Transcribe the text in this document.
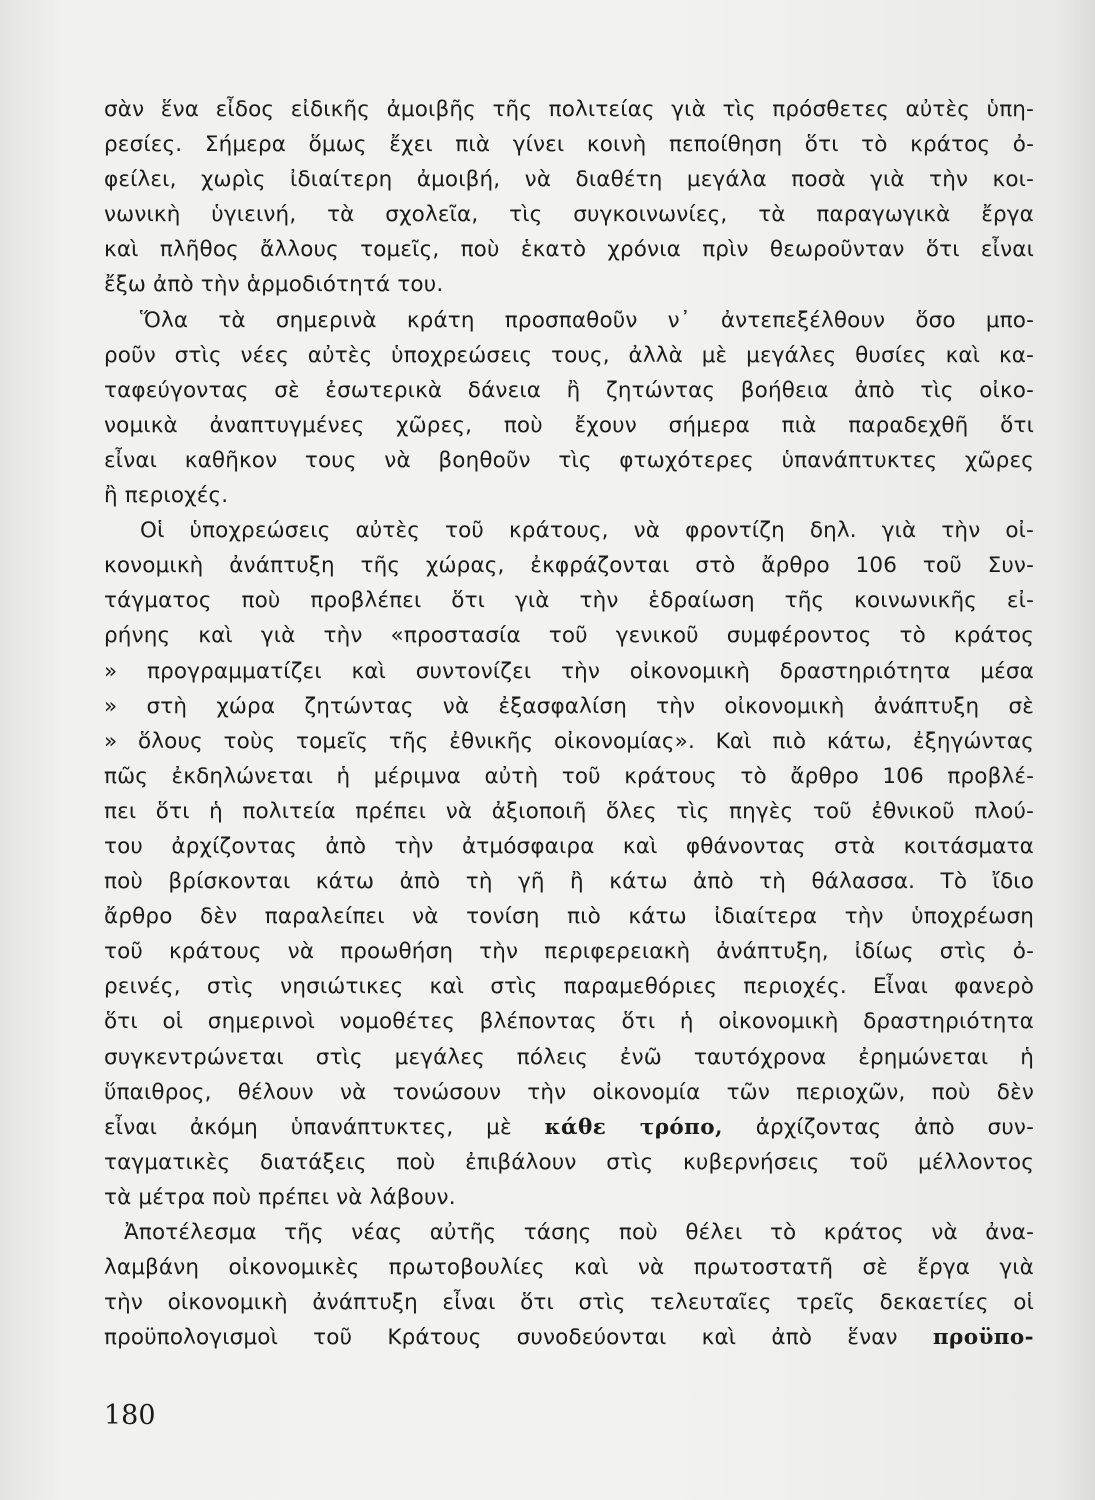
σὰν ἕνα εἶδος εἰδικῆς ἀμοιβῆς τῆς πολιτείας γιὰ τὶς πρόσθετες αὐτὲς ὑπη-
ρεσίες. Σήμερα ὅμως ἔχει πιὰ γίνει κοινὴ πεποίθηση ὅτι τὸ κράτος ὀ-
φείλει, χωρὶς ἰδιαίτερη ἀμοιβή, νὰ διαθέτη μεγάλα ποσὰ γιὰ τὴν κοι-
νωνικὴ ὑγιεινή, τὰ σχολεῖα, τὶς συγκοινωνίες, τὰ παραγωγικὰ ἔργα
καὶ πλῆθος ἄλλους τομεῖς, ποὺ ἑκατὸ χρόνια πρὶν θεωροῦνταν ὅτι εἶναι
ἔξω ἀπὸ τὴν ἁρμοδιότητά του.
Ὅλα τὰ σημερινὰ κράτη προσπαθοῦν ν᾽ ἀντεπεξέλθουν ὅσο μπο-
ροῦν στὶς νέες αὐτὲς ὑποχρεώσεις τους, ἀλλὰ μὲ μεγάλες θυσίες καὶ κα-
ταφεύγοντας σὲ ἐσωτερικὰ δάνεια ἢ ζητώντας βοήθεια ἀπὸ τὶς οἰκο-
νομικὰ ἀναπτυγμένες χῶρες, ποὺ ἔχουν σήμερα πιὰ παραδεχθῆ ὅτι
εἶναι καθῆκον τους νὰ βοηθοῦν τὶς φτωχότερες ὑπανάπτυκτες χῶρες
ἢ περιοχές.
Οἱ ὑποχρεώσεις αὐτὲς τοῦ κράτους, νὰ φροντίζη δηλ. γιὰ τὴν οἰ-
κονομικὴ ἀνάπτυξη τῆς χώρας, ἐκφράζονται στὸ ἄρθρο 106 τοῦ Συν-
τάγματος ποὺ προβλέπει ὅτι γιὰ τὴν ἑδραίωση τῆς κοινωνικῆς εἰ-
ρήνης καὶ γιὰ τὴν «προστασία τοῦ γενικοῦ συμφέροντος τὸ κράτος
» προγραμματίζει καὶ συντονίζει τὴν οἰκονομικὴ δραστηριότητα μέσα
» στὴ χώρα ζητώντας νὰ ἐξασφαλίση τὴν οἰκονομικὴ ἀνάπτυξη σὲ
» ὅλους τοὺς τομεῖς τῆς ἐθνικῆς οἰκονομίας». Καὶ πιὸ κάτω, ἐξηγώντας
πῶς ἐκδηλώνεται ἡ μέριμνα αὐτὴ τοῦ κράτους τὸ ἄρθρο 106 προβλέ-
πει ὅτι ἡ πολιτεία πρέπει νὰ ἀξιοποιῆ ὅλες τὶς πηγὲς τοῦ ἐθνικοῦ πλού-
του ἀρχίζοντας ἀπὸ τὴν ἀτμόσφαιρα καὶ φθάνοντας στὰ κοιτάσματα
ποὺ βρίσκονται κάτω ἀπὸ τὴ γῆ ἢ κάτω ἀπὸ τὴ θάλασσα. Τὸ ἴδιο
ἄρθρο δὲν παραλείπει νὰ τονίση πιὸ κάτω ἰδιαίτερα τὴν ὑποχρέωση
τοῦ κράτους νὰ προωθήση τὴν περιφερειακὴ ἀνάπτυξη, ἰδίως στὶς ὀ-
ρεινές, στὶς νησιώτικες καὶ στὶς παραμεθόριες περιοχές. Εἶναι φανερὸ
ὅτι οἱ σημερινοὶ νομοθέτες βλέποντας ὅτι ἡ οἰκονομικὴ δραστηριότητα
συγκεντρώνεται στὶς μεγάλες πόλεις ἐνῶ ταυτόχρονα ἐρημώνεται ἡ
ὕπαιθρος, θέλουν νὰ τονώσουν τὴν οἰκονομία τῶν περιοχῶν, ποὺ δὲν
εἶναι ἀκόμη ὑπανάπτυκτες, μὲ κάθε τρόπο, ἀρχίζοντας ἀπὸ συν-
ταγματικὲς διατάξεις ποὺ ἐπιβάλουν στὶς κυβερνήσεις τοῦ μέλλοντος
τὰ μέτρα ποὺ πρέπει νὰ λάβουν.
Ἀποτέλεσμα τῆς νέας αὐτῆς τάσης ποὺ θέλει τὸ κράτος νὰ ἀνα-
λαμβάνη οἰκονομικὲς πρωτοβουλίες καὶ νὰ πρωτοστατῆ σὲ ἔργα γιὰ
τὴν οἰκονομικὴ ἀνάπτυξη εἶναι ὅτι στὶς τελευταῖες τρεῖς δεκαετίες οἱ
προϋπολογισμοὶ τοῦ Κράτους συνοδεύονται καὶ ἀπὸ ἕναν προϋπο-
180
